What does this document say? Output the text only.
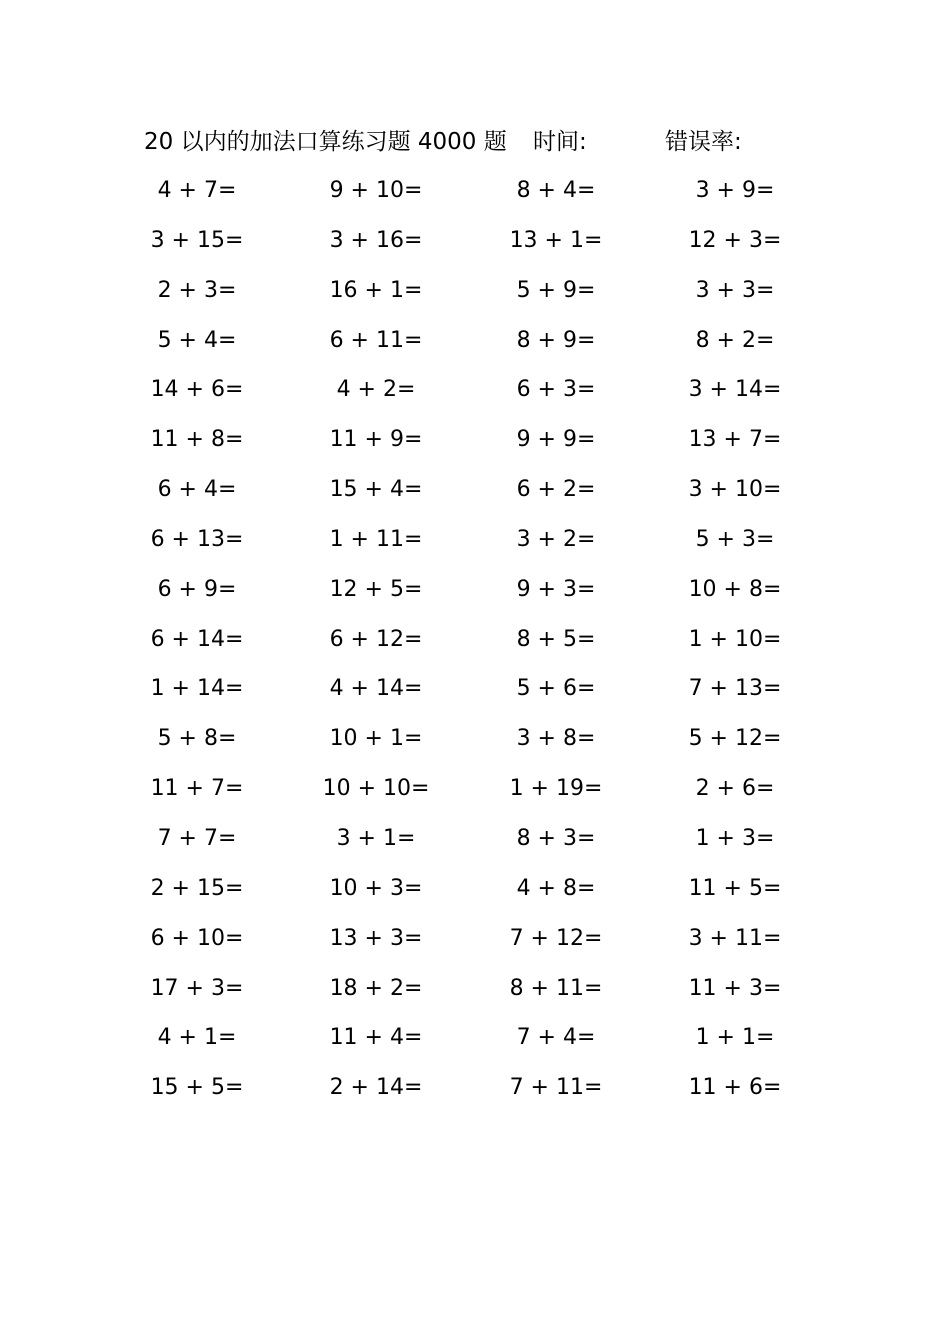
20 以内的加法口算练习题 4000 题 时间:	错误率:
4 + 7=	9 + 10=	8 + 4=	3 + 9=
3 + 15=	3 + 16=	13 + 1=	12 + 3=
2 + 3=	16 + 1=	5 + 9=	3 + 3=
5 + 4=	6 + 11=	8 + 9=	8 + 2=
14 + 6=	4 + 2=	6 + 3=	3 + 14=
11 + 8=	11 + 9=	9 + 9=	13 + 7=
6 + 4=	15 + 4=	6 + 2=	3 + 10=
6 + 13=	1 + 11=	3 + 2=	5 + 3=
6 + 9=	12 + 5=	9 + 3=	10 + 8=
6 + 14=	6 + 12=	8 + 5=	1 + 10=
1 + 14=	4 + 14=	5 + 6=	7 + 13=
5 + 8=	10 + 1=	3 + 8=	5 + 12=
11 + 7=	10 + 10=	1 + 19=	2 + 6=
7 + 7=	3 + 1=	8 + 3=	1 + 3=
2 + 15=	10 + 3=	4 + 8=	11 + 5=
6 + 10=	13 + 3=	7 + 12=	3 + 11=
17 + 3=	18 + 2=	8 + 11=	11 + 3=
4 + 1=	11 + 4=	7 + 4=	1 + 1=
15 + 5=	2 + 14=	7 + 11=	11 + 6=
